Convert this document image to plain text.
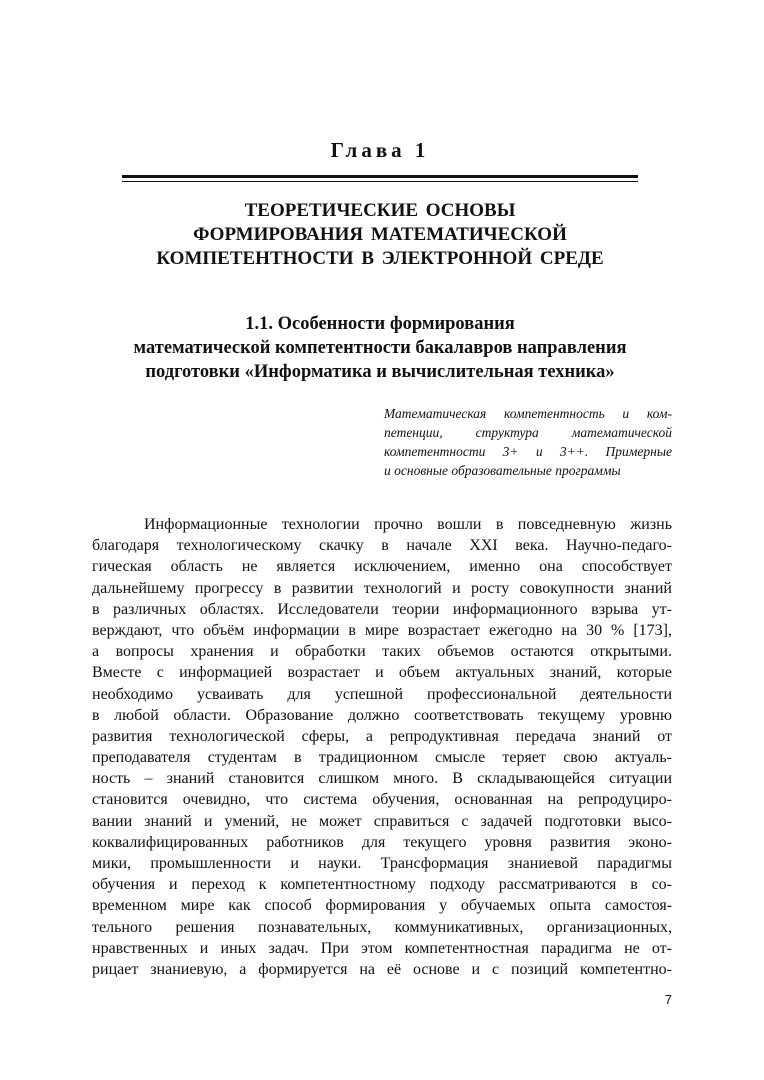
Глава 1
ТЕОРЕТИЧЕСКИЕ ОСНОВЫ
ФОРМИРОВАНИЯ МАТЕМАТИЧЕСКОЙ
КОМПЕТЕНТНОСТИ В ЭЛЕКТРОННОЙ СРЕДЕ
1.1. Особенности формирования
математической компетентности бакалавров направления
подготовки «Информатика и вычислительная техника»
Математическая компетентность и ком-
петенции, структура математической
компетентности 3+ и 3++. Примерные
и основные образовательные программы
Информационные технологии прочно вошли в повседневную жизнь
благодаря технологическому скачку в начале XXI века. Научно-педаго-
гическая область не является исключением, именно она способствует
дальнейшему прогрессу в развитии технологий и росту совокупности знаний
в различных областях. Исследователи теории информационного взрыва ут-
верждают, что объём информации в мире возрастает ежегодно на 30 % [173],
а вопросы хранения и обработки таких объемов остаются открытыми.
Вместе с информацией возрастает и объем актуальных знаний, которые
необходимо усваивать для успешной профессиональной деятельности
в любой области. Образование должно соответствовать текущему уровню
развития технологической сферы, а репродуктивная передача знаний от
преподавателя студентам в традиционном смысле теряет свою актуаль-
ность – знаний становится слишком много. В складывающейся ситуации
становится очевидно, что система обучения, основанная на репродуциро-
вании знаний и умений, не может справиться с задачей подготовки высо-
коквалифицированных работников для текущего уровня развития эконо-
мики, промышленности и науки. Трансформация знаниевой парадигмы
обучения и переход к компетентностному подходу рассматриваются в со-
временном мире как способ формирования у обучаемых опыта самостоя-
тельного решения познавательных, коммуникативных, организационных,
нравственных и иных задач. При этом компетентностная парадигма не от-
рицает знаниевую, а формируется на её основе и с позиций компетентно-
7
